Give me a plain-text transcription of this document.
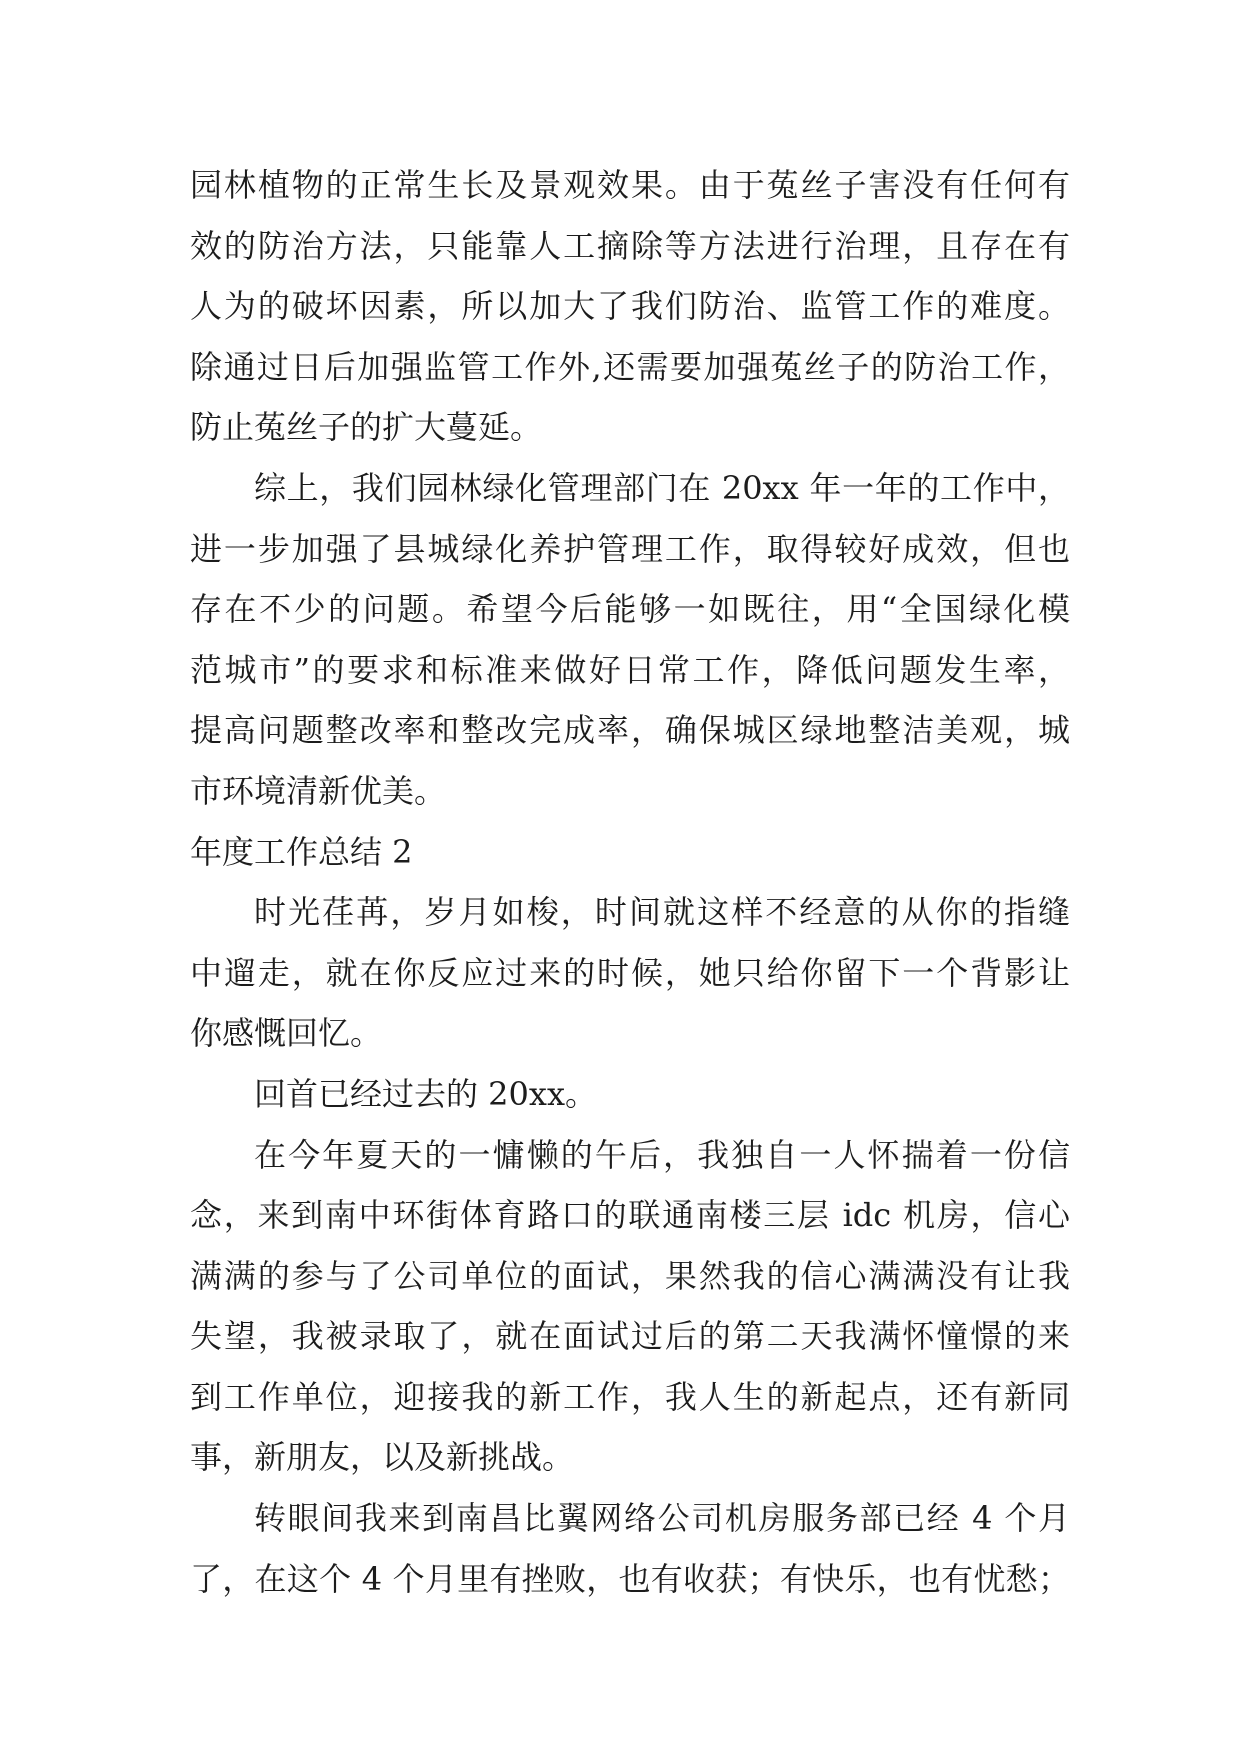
园林植物的正常生长及景观效果。由于菟丝子害没有任何有
效的防治方法，只能靠人工摘除等方法进行治理，且存在有
人为的破坏因素，所以加大了我们防治、监管工作的难度。
除通过日后加强监管工作外,还需要加强菟丝子的防治工作，
防止菟丝子的扩大蔓延。
综上，我们园林绿化管理部门在 20xx 年一年的工作中，
进一步加强了县城绿化养护管理工作，取得较好成效，但也
存在不少的问题。希望今后能够一如既往，用“全国绿化模
范城市”的要求和标准来做好日常工作，降低问题发生率，
提高问题整改率和整改完成率，确保城区绿地整洁美观，城
市环境清新优美。
年度工作总结 2
时光荏苒，岁月如梭，时间就这样不经意的从你的指缝
中遛走，就在你反应过来的时候，她只给你留下一个背影让
你感慨回忆。
回首已经过去的 20xx。
在今年夏天的一慵懒的午后，我独自一人怀揣着一份信
念，来到南中环街体育路口的联通南楼三层 idc 机房，信心
满满的参与了公司单位的面试，果然我的信心满满没有让我
失望，我被录取了，就在面试过后的第二天我满怀憧憬的来
到工作单位，迎接我的新工作，我人生的新起点，还有新同
事，新朋友，以及新挑战。
转眼间我来到南昌比翼网络公司机房服务部已经 4 个月
了，在这个 4 个月里有挫败，也有收获；有快乐，也有忧愁；
